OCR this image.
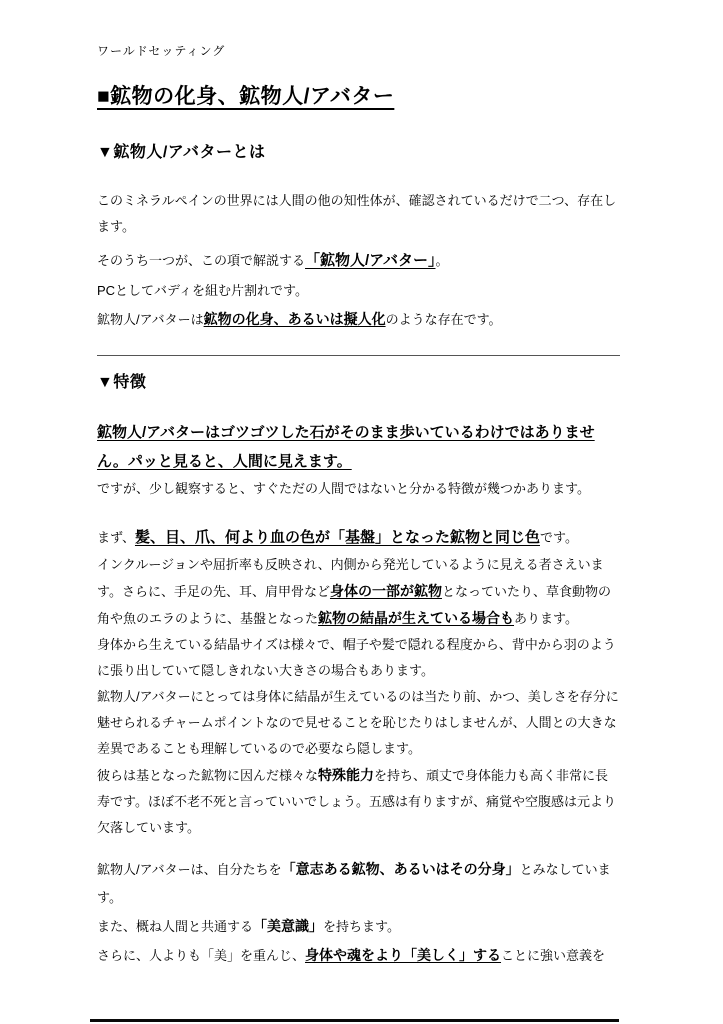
ワールドセッティング
■鉱物の化身、鉱物人/アバター
▼鉱物人/アバターとは

このミネラルペインの世界には人間の他の知性体が、確認されているだけで二つ、存在します。

そのうち一つが、この項で解説する「鉱物人/アバター」。

PCとしてバディを組む片割れです。

鉱物人/アバターは鉱物の化身、あるいは擬人化のような存在です。

▼特徴

鉱物人/アバターはゴツゴツした石がそのまま歩いているわけではありません。パッと見ると、人間に見えます。

ですが、少し観察すると、すぐただの人間ではないと分かる特徴が幾つかあります。

まず、髪、目、爪、何より血の色が「基盤」となった鉱物と同じ色です。

インクルージョンや屈折率も反映され、内側から発光しているように見える者さえいます。さらに、手足の先、耳、肩甲骨など身体の一部が鉱物となっていたり、草食動物の角や魚のエラのように、基盤となった鉱物の結晶が生えている場合もあります。

身体から生えている結晶サイズは様々で、帽子や髪で隠れる程度から、背中から羽のように張り出していて隠しきれない大きさの場合もあります。

鉱物人/アバターにとっては身体に結晶が生えているのは当たり前、かつ、美しさを存分に魅せられるチャームポイントなので見せることを恥じたりはしませんが、人間との大きな差異であることも理解しているので必要なら隠します。

彼らは基となった鉱物に因んだ様々な特殊能力を持ち、頑丈で身体能力も高く非常に長寿です。ほぼ不老不死と言っていいでしょう。五感は有りますが、痛覚や空腹感は元より欠落しています。

鉱物人/アバターは、自分たちを「意志ある鉱物、あるいはその分身」とみなしています。

また、概ね人間と共通する「美意識」を持ちます。

さらに、人よりも「美」を重んじ、身体や魂をより「美しく」することに強い意義を
